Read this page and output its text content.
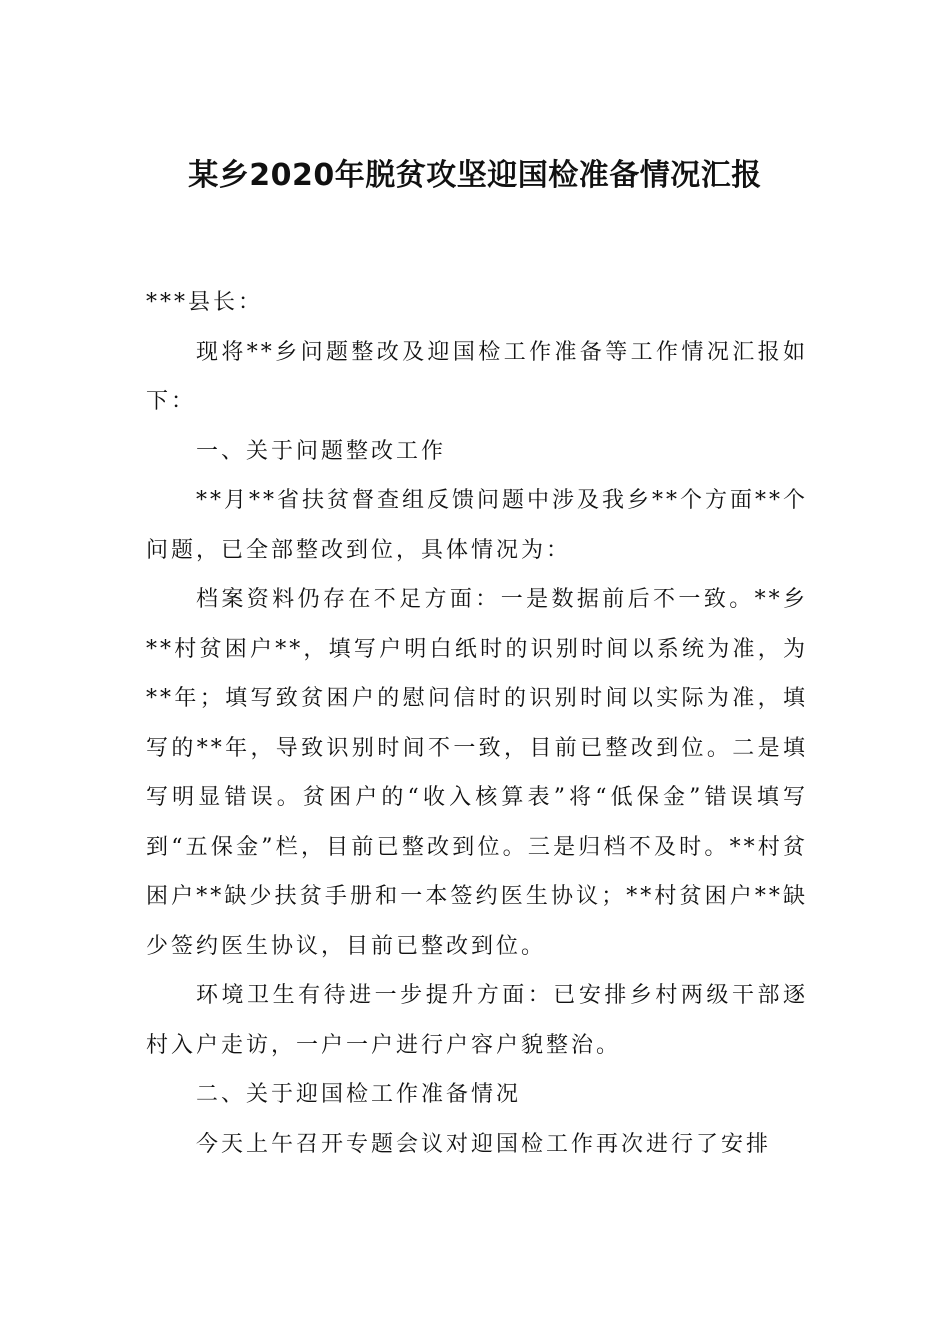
某乡2020年脱贫攻坚迎国检准备情况汇报

***县长：

现将**乡问题整改及迎国检工作准备等工作情况汇报如下：

一、关于问题整改工作

**月**省扶贫督查组反馈问题中涉及我乡**个方面**个问题，已全部整改到位，具体情况为：

档案资料仍存在不足方面：一是数据前后不一致。**乡**村贫困户**，填写户明白纸时的识别时间以系统为准，为**年；填写致贫困户的慰问信时的识别时间以实际为准，填写的**年，导致识别时间不一致，目前已整改到位。二是填写明显错误。贫困户的“收入核算表”将“低保金”错误填写到“五保金”栏，目前已整改到位。三是归档不及时。**村贫困户**缺少扶贫手册和一本签约医生协议；**村贫困户**缺少签约医生协议，目前已整改到位。

环境卫生有待进一步提升方面：已安排乡村两级干部逐村入户走访，一户一户进行户容户貌整治。

二、关于迎国检工作准备情况

今天上午召开专题会议对迎国检工作再次进行了安排
